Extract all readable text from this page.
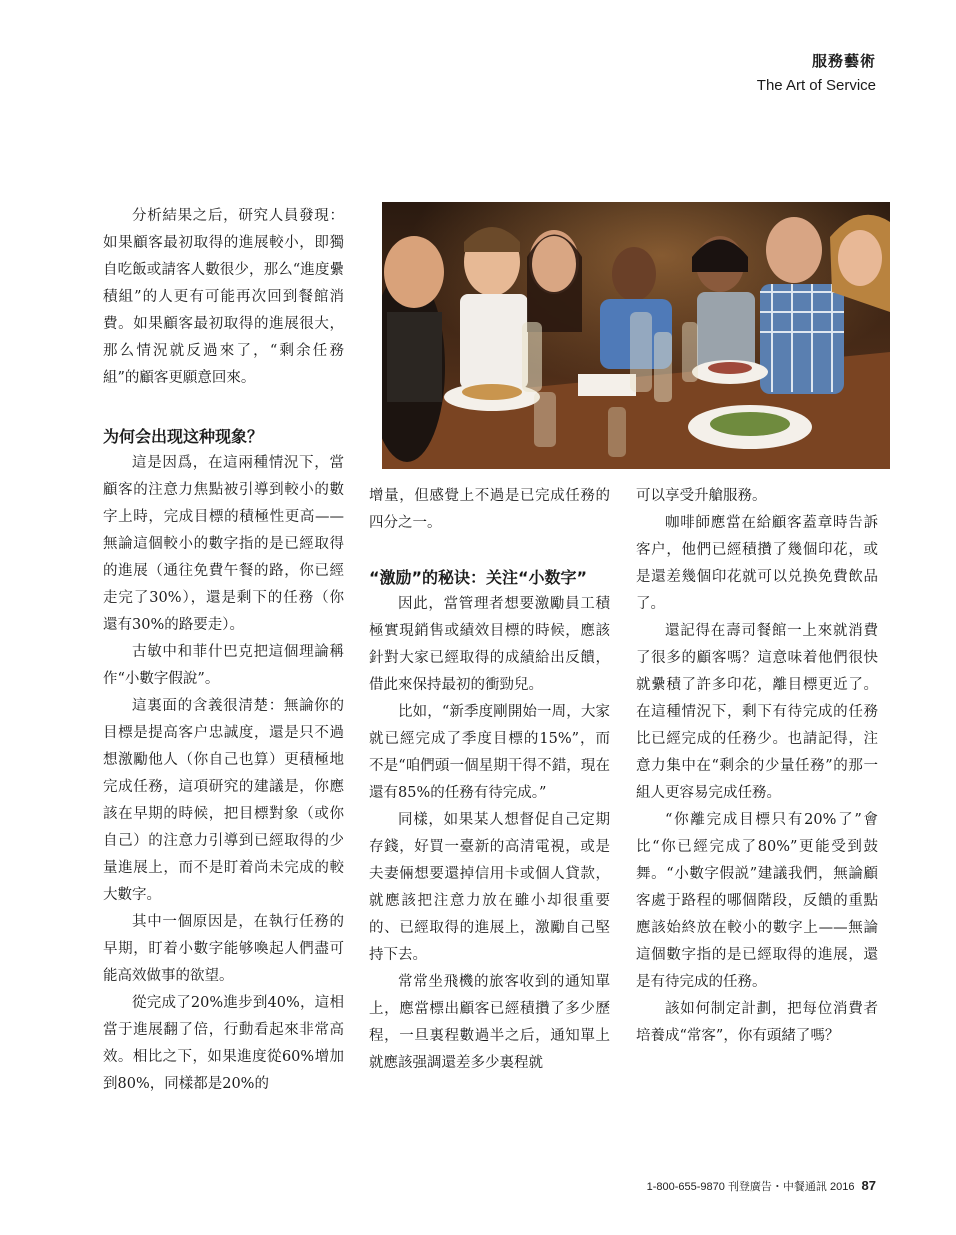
服務藝術
The Art of Service

分析結果之后，研究人員發現：如果顧客最初取得的進展較小，即獨自吃飯或請客人數很少，那么“進度纍積組”的人更有可能再次回到餐館消費。如果顧客最初取得的進展很大，那么情況就反過來了，“剩余任務組”的顧客更願意回來。

为何会出现这种现象？

這是因爲，在這兩種情況下，當顧客的注意力焦點被引導到較小的數字上時，完成目標的積極性更高——無論這個較小的數字指的是已經取得的進展（通往免費午餐的路，你已經走完了30%），還是剩下的任務（你還有30%的路要走）。

古敏中和菲什巴克把這個理論稱作“小數字假說”。

這裏面的含義很清楚：無論你的目標是提高客户忠誠度，還是只不過想激勵他人（你自己也算）更積極地完成任務，這項研究的建議是，你應該在早期的時候，把目標對象（或你自己）的注意力引導到已經取得的少量進展上，而不是盯着尚未完成的較大數字。

其中一個原因是，在執行任務的早期，盯着小數字能够喚起人們盡可能高效做事的欲望。

從完成了20%進步到40%，這相當于進展翻了倍，行動看起來非常高效。相比之下，如果進度從60%增加到80%，同樣都是20%的

增量，但感覺上不過是已完成任務的四分之一。

“激励”的秘诀：关注“小数字”

因此，當管理者想要激勵員工積極實現銷售或績效目標的時候，應該針對大家已經取得的成績給出反饋，借此來保持最初的衝勁兒。

比如，“新季度剛開始一周，大家就已經完成了季度目標的15%”，而不是“咱們頭一個星期干得不錯，現在還有85%的任務有待完成。”

同樣，如果某人想督促自己定期存錢，好買一臺新的高清電視，或是夫妻倆想要還掉信用卡或個人貸款，就應該把注意力放在雖小却很重要的、已經取得的進展上，激勵自己堅持下去。

常常坐飛機的旅客收到的通知單上，應當標出顧客已經積攢了多少歷程，一旦裏程數過半之后，通知單上就應該强調還差多少裏程就

可以享受升艙服務。

咖啡師應當在給顧客蓋章時告訴客户，他們已經積攢了幾個印花，或是還差幾個印花就可以兑换免費飲品了。

還記得在壽司餐館一上來就消費了很多的顧客嗎？這意味着他們很快就纍積了許多印花，離目標更近了。在這種情況下，剩下有待完成的任務比已經完成的任務少。也請記得，注意力集中在“剩余的少量任務”的那一組人更容易完成任務。

“你離完成目標只有20%了”會比“你已經完成了80%”更能受到鼓舞。“小數字假説”建議我們，無論顧客處于路程的哪個階段，反饋的重點應該始終放在較小的數字上——無論這個數字指的是已經取得的進展，還是有待完成的任務。

該如何制定計劃，把每位消費者培養成“常客”，你有頭緒了嗎？

1-800-655-9870 刊登廣告・中餐通訊 2016 87
